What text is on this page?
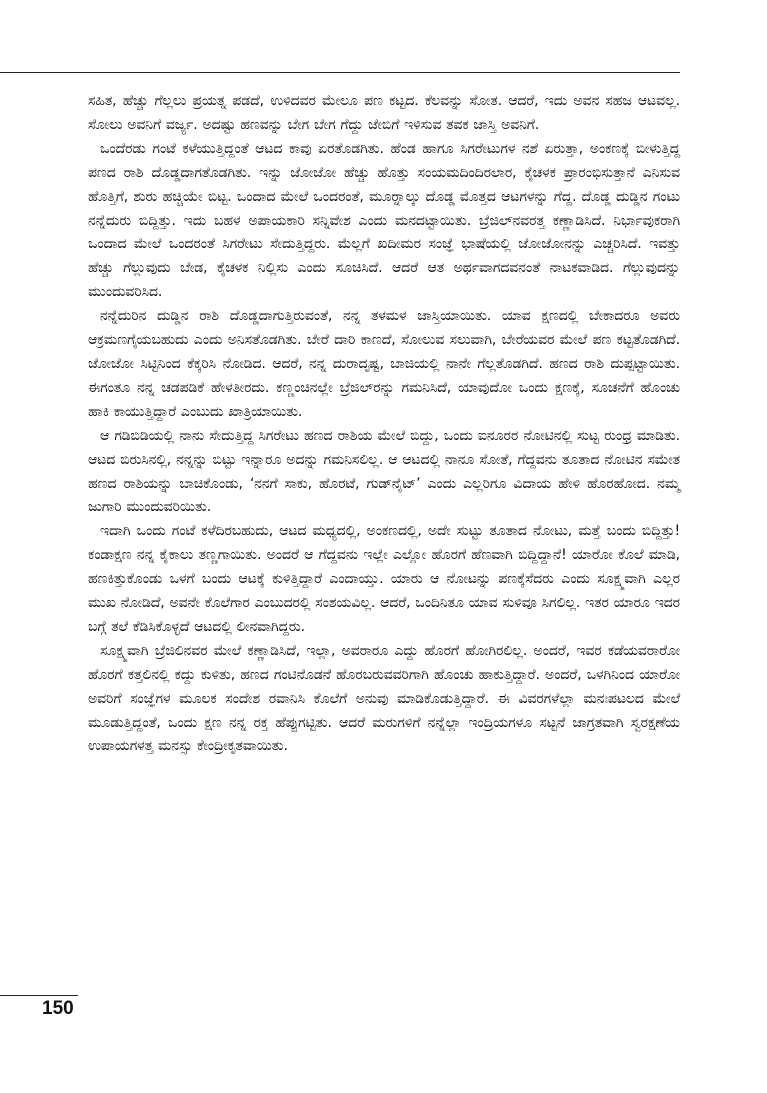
ಸಹಿತ, ಹೆಚ್ಚು ಗೆಲ್ಲಲು ಪ್ರಯತ್ನ ಪಡದೆ, ಉಳಿದವರ ಮೇಲೂ ಪಣ ಕಟ್ಟದ. ಕೆಲವನ್ನು ಸೋತ. ಆದರೆ, ಇದು ಅವನ ಸಹಜ ಆಟವಲ್ಲ. ಸೋಲು ಅವನಿಗೆ ವರ್ಜ್ಯ. ಅದಷ್ಟು ಹಣವನ್ನು ಬೇಗ ಬೇಗ ಗೆದ್ದು ಜೇಬಿಗೆ ಇಳಿಸುವ ತವಕ ಜಾಸ್ತಿ ಅವನಿಗೆ.

ಒಂದೆರಡು ಗಂಟೆ ಕಳೆಯುತ್ತಿದ್ದಂತೆ ಆಟದ ಕಾವು ಏರತೊಡಗಿತು. ಹೆಂಡ ಹಾಗೂ ಸಿಗರೇಟುಗಳ ನಶೆ ಏರುತ್ತಾ, ಅಂಕಣಕ್ಕೆ ಬೀಳುತ್ತಿದ್ದ ಪಣದ ರಾಶಿ ದೊಡ್ಡದಾಗತೊಡಗಿತು. ಇನ್ನು ಜೋಜೋ ಹೆಚ್ಚು ಹೊತ್ತು ಸಂಯಮದಿಂದಿರಲಾರ, ಕೈಚಳಕ ಪ್ರಾರಂಭಿಸುತ್ತಾನೆ ಎನಿಸುವ ಹೊತ್ತಿಗೆ, ಶುರು ಹಚ್ಚಿಯೇ ಬಿಟ್ಟ. ಒಂದಾದ ಮೇಲೆ ಒಂದರಂತೆ, ಮೂರ್‍ನಾಲ್ಕು ದೊಡ್ಡ ಮೊತ್ತದ ಆಟಗಳನ್ನು ಗೆದ್ದ. ದೊಡ್ಡ ದುಡ್ಡಿನ ಗಂಟು ನನ್ನೆದುರು ಬಿದ್ದಿತ್ತು. ಇದು ಬಹಳ ಅಪಾಯಕಾರಿ ಸನ್ನಿವೇಶ ಎಂದು ಮನದಟ್ಟಾಯಿತು. ಬ್ರೆಜಿಲ್‌ನವರತ್ತ ಕಣ್ಣಾಡಿಸಿದೆ. ನಿರ್ಭಾವುಕರಾಗಿ ಒಂದಾದ ಮೇಲೆ ಒಂದರಂತೆ ಸಿಗರೇಟು ಸೇದುತ್ತಿದ್ದರು. ಮೆಲ್ಲಗೆ ಖದೀಮರ ಸಂಜ್ಞೆ ಭಾಷೆಯಲ್ಲಿ ಜೋಜೋನನ್ನು ಎಚ್ಚರಿಸಿದೆ. ಇವತ್ತು ಹೆಚ್ಚು ಗೆಲ್ಲುವುದು ಬೇಡ, ಕೈಚಳಕ ನಿಲ್ಲಿಸು ಎಂದು ಸೂಚಿಸಿದೆ. ಆದರೆ ಆತ ಅರ್ಥವಾಗದವನಂತೆ ನಾಟಕವಾಡಿದ. ಗೆಲ್ಲುವುದನ್ನು ಮುಂದುವರಿಸಿದ.

ನನ್ನೆದುರಿನ ದುಡ್ಡಿನ ರಾಶಿ ದೊಡ್ಡದಾಗುತ್ತಿರುವಂತೆ, ನನ್ನ ತಳಮಳ ಜಾಸ್ತಿಯಾಯಿತು. ಯಾವ ಕ್ಷಣದಲ್ಲಿ ಬೇಕಾದರೂ ಅವರು ಆಕ್ರಮಣಗೈಯಬಹುದು ಎಂದು ಅನಿಸತೊಡಗಿತು. ಬೇರೆ ದಾರಿ ಕಾಣದೆ, ಸೋಲುವ ಸಲುವಾಗಿ, ಬೇರೆಯವರ ಮೇಲೆ ಪಣ ಕಟ್ಟತೊಡಗಿದೆ. ಜೋಜೋ ಸಿಟ್ಟಿನಿಂದ ಕೆಕ್ಕರಿಸಿ ನೋಡಿದ. ಆದರೆ, ನನ್ನ ದುರಾದೃಷ್ಟ, ಬಾಜಿಯಲ್ಲಿ ನಾನೇ ಗೆಲ್ಲತೊಡಗಿದೆ. ಹಣದ ರಾಶಿ ದುಪ್ಪಟ್ಟಾಯಿತು. ಈಗಂತೂ ನನ್ನ ಚಡಪಡಿಕೆ ಹೇಳತೀರದು. ಕಣ್ಣಂಚಿನಲ್ಲೇ ಬ್ರೆಜಿಲ್‌ರನ್ನು ಗಮನಿಸಿದೆ, ಯಾವುದೋ ಒಂದು ಕ್ಷಣಕ್ಕೆ, ಸೂಚನೆಗೆ ಹೊಂಚು ಹಾಕಿ ಕಾಯುತ್ತಿದ್ದಾರೆ ಎಂಬುದು ಖಾತ್ರಿಯಾಯಿತು.

ಆ ಗಡಿಬಿಡಿಯಲ್ಲಿ ನಾನು ಸೇದುತ್ತಿದ್ದ ಸಿಗರೇಟು ಹಣದ ರಾಶಿಯ ಮೇಲೆ ಬಿದ್ದು, ಒಂದು ಐನೂರರ ನೋಟಿನಲ್ಲಿ ಸುಟ್ಟ ರುಂಧ್ರ ಮಾಡಿತು. ಆಟದ ಬಿರುಸಿನಲ್ಲಿ, ನನ್ನನ್ನು ಬಿಟ್ಟು ಇನ್ನಾರೂ ಅದನ್ನು ಗಮನಿಸಲಿಲ್ಲ. ಆ ಆಟದಲ್ಲಿ ನಾನೂ ಸೋತೆ, ಗೆದ್ದವನು ತೂತಾದ ನೋಟಿನ ಸಮೇತ ಹಣದ ರಾಶಿಯನ್ನು ಬಾಚಿಕೊಂಡು, ‘ನನಗೆ ಸಾಕು, ಹೊರಟೆ, ಗುಡ್‌ನೈಟ್’ ಎಂದು ಎಲ್ಲರಿಗೂ ವಿದಾಯ ಹೇಳಿ ಹೊರಹೋದ. ನಮ್ಮ ಜುಗಾರಿ ಮುಂದುವರಿಯಿತು.

ಇದಾಗಿ ಒಂದು ಗಂಟೆ ಕಳೆದಿರಬಹುದು, ಆಟದ ಮಧ್ಯದಲ್ಲಿ, ಅಂಕಣದಲ್ಲಿ, ಅದೇ ಸುಟ್ಟು ತೂತಾದ ನೋಟು, ಮತ್ತೆ ಬಂದು ಬಿದ್ದಿತ್ತು! ಕಂಡಾಕ್ಷಣ ನನ್ನ ಕೈಕಾಲು ತಣ್ಣಗಾಯಿತು. ಅಂದರೆ ಆ ಗೆದ್ದವನು ಇಲ್ಲೇ ಎಲ್ಲೋ ಹೊರಗೆ ಹೆಣವಾಗಿ ಬಿದ್ದಿದ್ದಾನೆ! ಯಾರೋ ಕೊಲೆ ಮಾಡಿ, ಹಣಕಿತ್ತುಕೊಂಡು ಒಳಗೆ ಬಂದು ಆಟಕ್ಕೆ ಕುಳಿತ್ತಿದ್ದಾರೆ ಎಂದಾಯ್ತು. ಯಾರು ಆ ನೋಟನ್ನು ಪಣಕ್ಕೆಸೆದರು ಎಂದು ಸೂಕ್ಷ್ಮವಾಗಿ ಎಲ್ಲರ ಮುಖ ನೋಡಿದೆ, ಅವನೇ ಕೊಲೆಗಾರ ಎಂಬುದರಲ್ಲಿ ಸಂಶಯವಿಲ್ಲ. ಆದರೆ, ಒಂದಿನಿತೂ ಯಾವ ಸುಳಿವೂ ಸಿಗಲಿಲ್ಲ. ಇತರ ಯಾರೂ ಇದರ ಬಗ್ಗೆ ತಲೆ ಕೆಡಿಸಿಕೊಳ್ಳದೆ ಆಟದಲ್ಲಿ ಲೀನವಾಗಿದ್ದರು.

ಸೂಕ್ಷ್ಮವಾಗಿ ಬ್ರೆಜಿಲಿನವರ ಮೇಲೆ ಕಣ್ಣಾಡಿಸಿದೆ, ಇಲ್ಲಾ, ಅವರಾರೂ ಎದ್ದು ಹೊರಗೆ ಹೋಗಿರಲಿಲ್ಲ. ಅಂದರೆ, ಇವರ ಕಡೆಯವರಾರೋ ಹೊರಗೆ ಕತ್ತಲಿನಲ್ಲಿ ಕದ್ದು ಕುಳಿತು, ಹಣದ ಗಂಟಿನೊಡನೆ ಹೊರಬರುವವರಿಗಾಗಿ ಹೊಂಚು ಹಾಕುತ್ತಿದ್ದಾರೆ. ಅಂದರೆ, ಒಳಗಿನಿಂದ ಯಾರೋ ಅವರಿಗೆ ಸಂಜ್ಞೆಗಳ ಮೂಲಕ ಸಂದೇಶ ರವಾನಿಸಿ ಕೊಲೆಗೆ ಅನುವು ಮಾಡಿಕೊಡುತ್ತಿದ್ದಾರೆ. ಈ ವಿವರಗಳೆಲ್ಲಾ ಮನಃಪಟಲದ ಮೇಲೆ ಮೂಡುತ್ತಿದ್ದಂತೆ, ಒಂದು ಕ್ಷಣ ನನ್ನ ರಕ್ತ ಹೆಪ್ಪುಗಟ್ಟಿತು. ಆದರೆ ಮರುಗಳಿಗೆ ನನ್ನೆಲ್ಲಾ ಇಂದ್ರಿಯಗಳೂ ಸಟ್ಟನೆ ಜಾಗ್ರತವಾಗಿ ಸ್ವರಕ್ಷಣೆಯ ಉಪಾಯಗಳತ್ತ ಮನಸ್ಸು ಕೇಂದ್ರೀಕೃತವಾಯಿತು.

150
